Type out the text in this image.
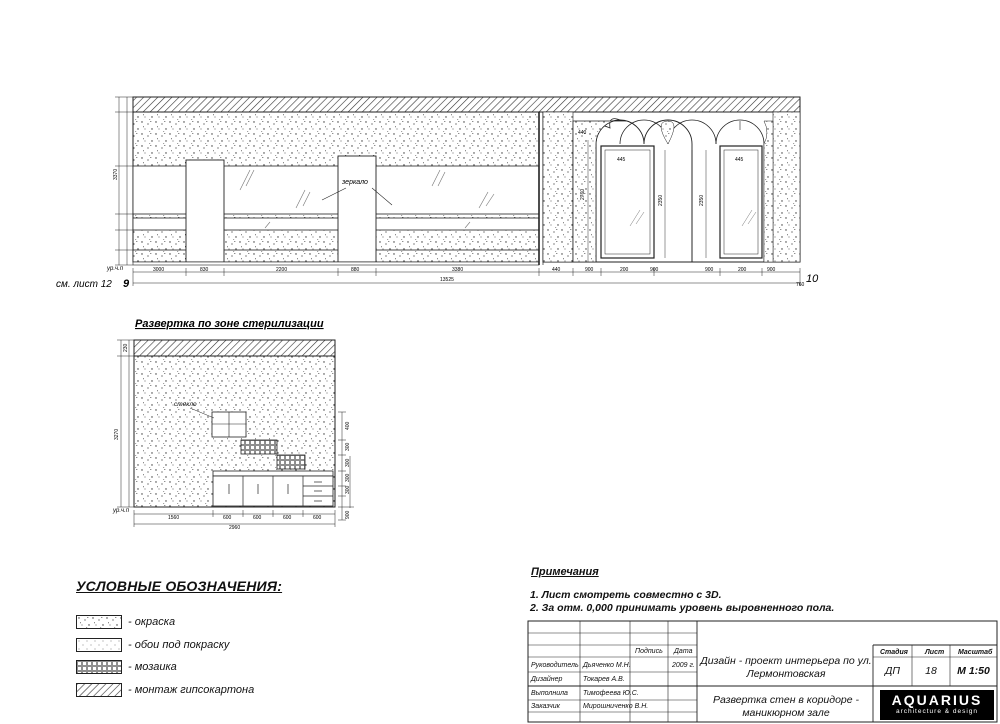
зеркало
2760
2350	2350
440
445	445
3370
ур.ч.п	3000	830	2200	880	3380	440	900	200	900	900	200	900
13525
760
см. лист 12 9	10
стекло
3270
230
ур.ч.п
400
300
300
300
300
900
1560	600	600	600	600
2960
Развертка по зоне стерилизации
УСЛОВНЫЕ ОБОЗНАЧЕНИЯ:
- окраска
- обои под покраску
- мозаика
- монтаж гипсокартона
Примечания
1. Лист смотреть совместно с 3D.
2. За отм. 0,000 принимать уровень выровненного пола.
Подпись Дата
Руководитель Дьяченко М.Н.	2009 г.
Дизайнер	Токарев А.В.
Выполнила Тимофеева Ю.С.
Заказчик	Мирошниченко В.Н.
Дизайн - проект интерьера по ул. Лермонтовская
Развертка стен в коридоре - маникюрном зале
Стадия Лист Масштаб
ДП	18	М 1:50
AQUARIUS
architecture & design
